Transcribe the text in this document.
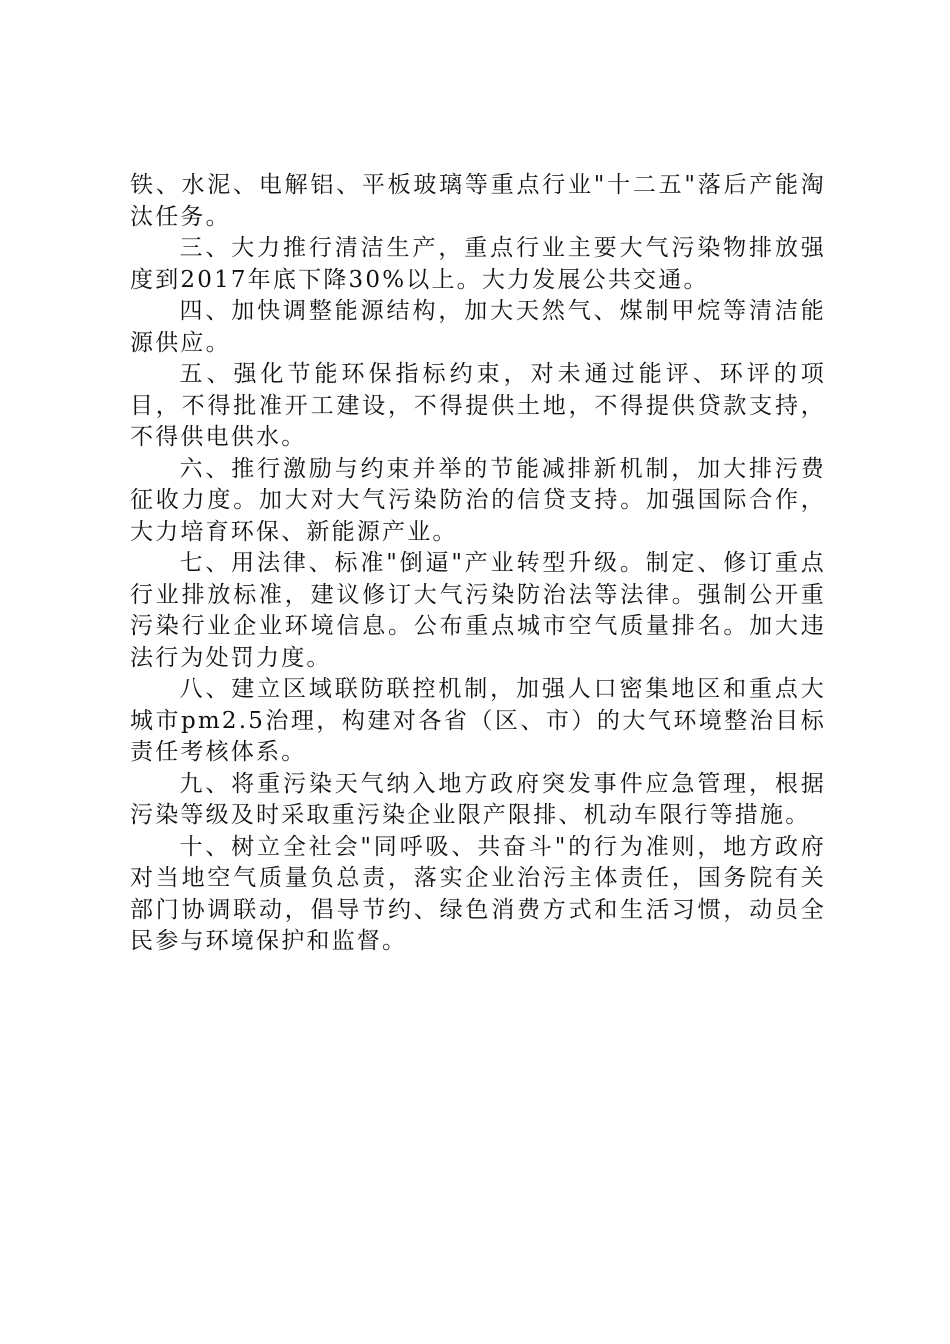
铁、水泥、电解铝、平板玻璃等重点行业"十二五"落后产能淘汰任务。

三、大力推行清洁生产，重点行业主要大气污染物排放强度到2017年底下降30%以上。大力发展公共交通。

四、加快调整能源结构，加大天然气、煤制甲烷等清洁能源供应。

五、强化节能环保指标约束，对未通过能评、环评的项目，不得批准开工建设，不得提供土地，不得提供贷款支持，不得供电供水。

六、推行激励与约束并举的节能减排新机制，加大排污费征收力度。加大对大气污染防治的信贷支持。加强国际合作，大力培育环保、新能源产业。

七、用法律、标准"倒逼"产业转型升级。制定、修订重点行业排放标准，建议修订大气污染防治法等法律。强制公开重污染行业企业环境信息。公布重点城市空气质量排名。加大违法行为处罚力度。

八、建立区域联防联控机制，加强人口密集地区和重点大城市pm2.5治理，构建对各省（区、市）的大气环境整治目标责任考核体系。

九、将重污染天气纳入地方政府突发事件应急管理，根据污染等级及时采取重污染企业限产限排、机动车限行等措施。

十、树立全社会"同呼吸、共奋斗"的行为准则，地方政府对当地空气质量负总责，落实企业治污主体责任，国务院有关部门协调联动，倡导节约、绿色消费方式和生活习惯，动员全民参与环境保护和监督。
